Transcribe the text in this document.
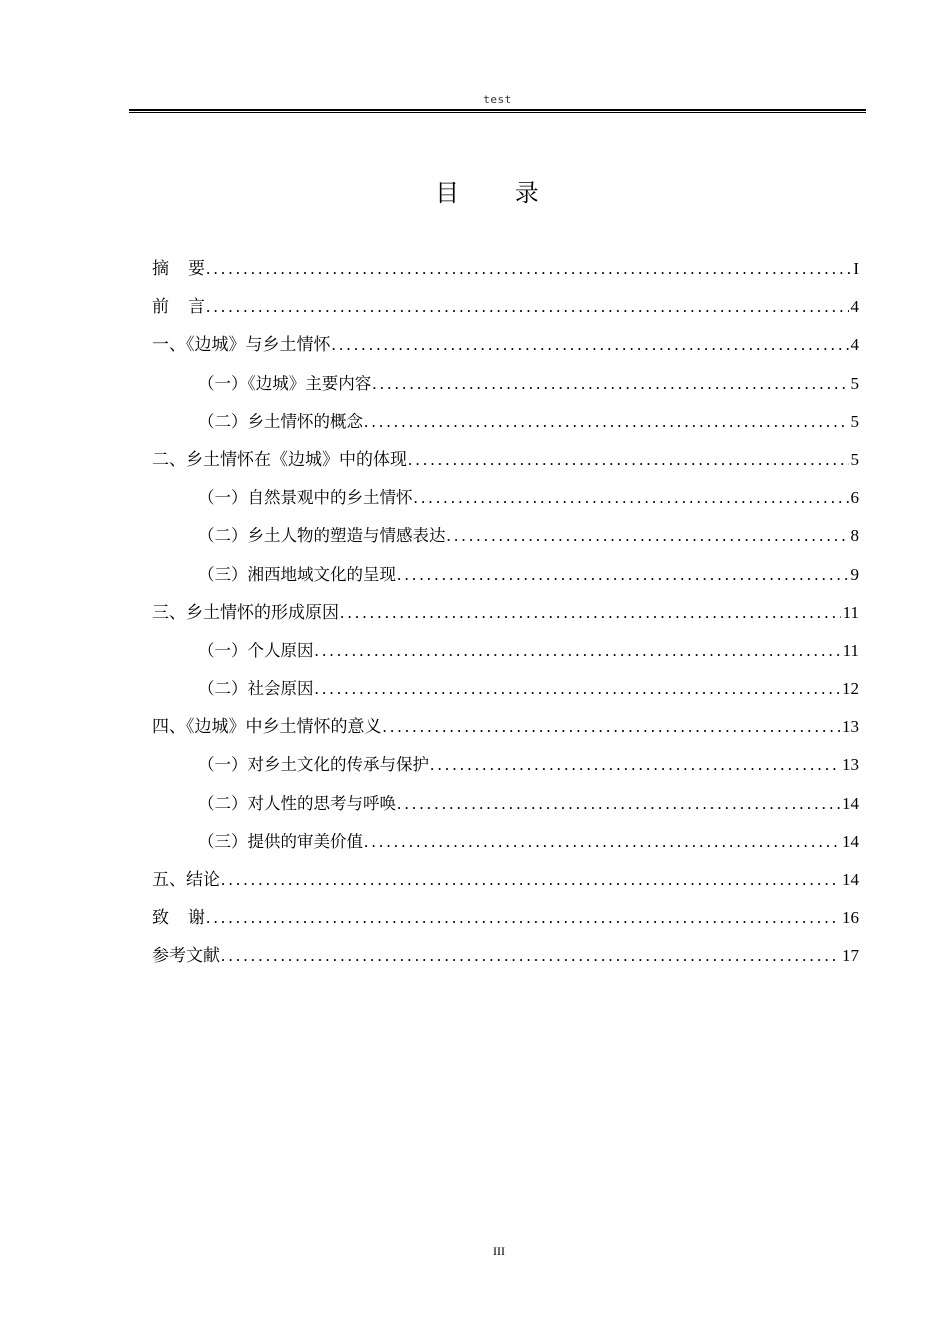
test
目 录
摘要 .....	I
前言 .....	4
一、《边城》与乡土情怀 .....	4
（一）《边城》主要内容 .....	5
（二）乡土情怀的概念 .....	5
二、乡土情怀在《边城》中的体现 .....	5
（一）自然景观中的乡土情怀 .....	6
（二）乡土人物的塑造与情感表达 .....	8
（三）湘西地域文化的呈现 .....	9
三、乡土情怀的形成原因 .....	11
（一）个人原因 .....	11
（二）社会原因 .....	12
四、《边城》中乡土情怀的意义 .....	13
（一）对乡土文化的传承与保护 .....	13
（二）对人性的思考与呼唤 .....	14
（三）提供的审美价值 .....	14
五、结论 .....	14
致谢 .....	16
参考文献 .....	17
III
